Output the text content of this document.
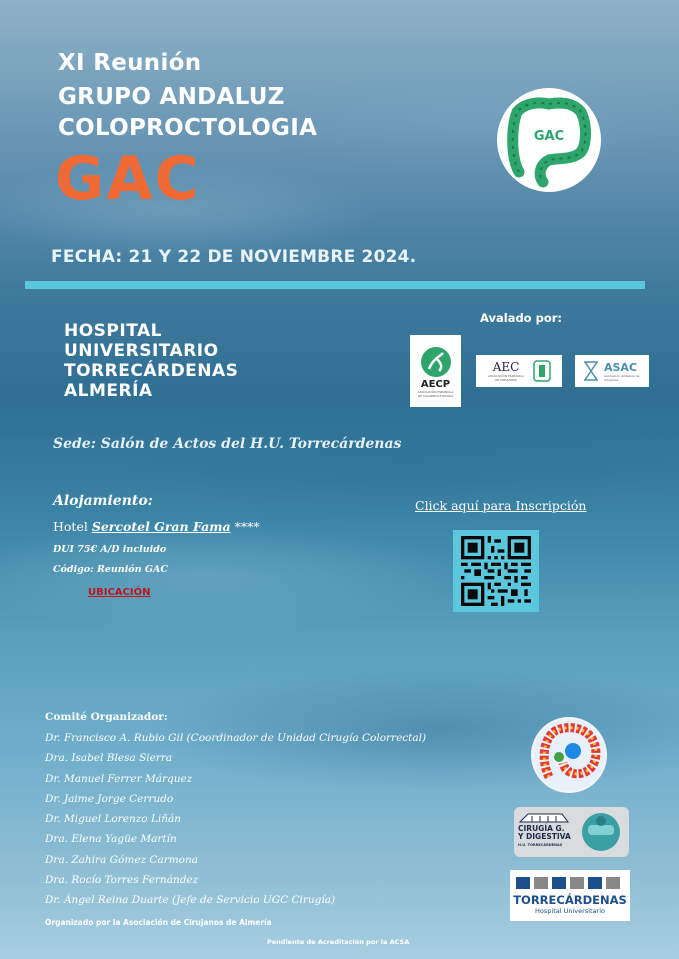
XI Reunión
GRUPO ANDALUZ
COLOPROCTOLOGIA
GAC
GAC
FECHA: 21 Y 22 DE NOVIEMBRE 2024.
HOSPITAL
UNIVERSITARIO
TORRECÁRDENAS
ALMERÍA
Avalado por:
AECP
ASOCIACIÓN ESPAÑOLA DE COLOPROCTOLOGÍA
AEC
ASOCIACIÓN ESPAÑOLA DE CIRUJANOS
ASAC
Asociación Andaluza de Cirujanos
Sede: Salón de Actos del H.U. Torrecárdenas
Alojamiento:
Hotel Sercotel Gran Fama ****
DUI 75€ A/D incluido
Código: Reunión GAC
UBICACIÓN
Click aquí para Inscripción
Comité Organizador:
Dr. Francisco A. Rubio Gil (Coordinador de Unidad Cirugía Colorrectal)
Dra. Isabel Blesa Sierra
Dr. Manuel Ferrer Márquez
Dr. Jaime Jorge Cerrudo
Dr. Miguel Lorenzo Liñán
Dra. Elena Yagüe Martín
Dra. Zahira Gómez Carmona
Dra. Rocío Torres Fernández
Dr. Ángel Reina Duarte (Jefe de Servicio UGC Cirugía)
Organizado por la Asociación de Cirujanos de Almería
Pendiente de Acreditación por la ACSA
CIRUGÍA G.
Y DIGESTIVA
H.U. TORRECÁRDENAS
TORRECÁRDENAS
Hospital Universitario
